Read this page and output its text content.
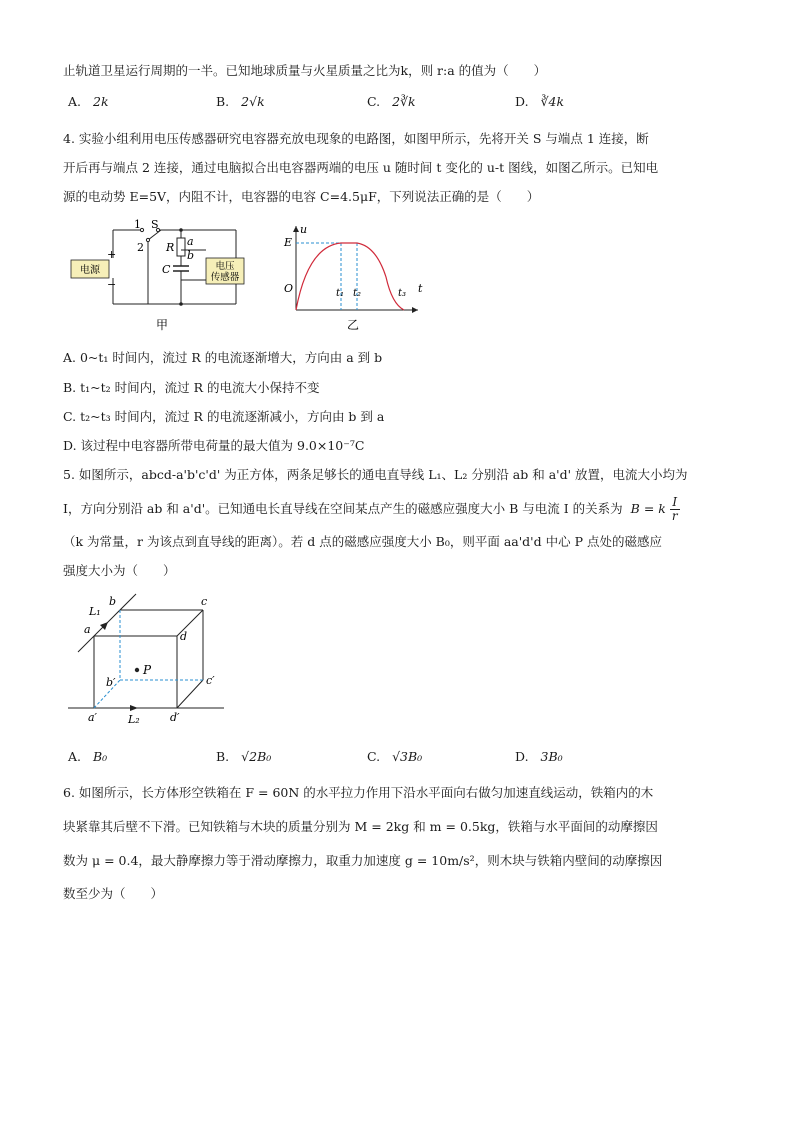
止轨道卫星运行周期的一半。已知地球质量与火星质量之比为k，则 r:a 的值为（　　）
A. 2k	B. 2√k	C. 2∛k	D. ∛4k
4. 实验小组利用电压传感器研究电容器充放电现象的电路图，如图甲所示，先将开关 S 与端点 1 连接，断
开后再与端点 2 连接，通过电脑拟合出电容器两端的电压 u 随时间 t 变化的 u-t 图线，如图乙所示。已知电
源的电动势 E=5V，内阻不计，电容器的电容 C=4.5μF，下列说法正确的是（　　）
电源
+
−
电压
传感器
1
2
S
R
C
a
b
甲
u
t
E
O	t₁ t₂	t₃
乙
A. 0~t₁ 时间内，流过 R 的电流逐渐增大，方向由 a 到 b
B. t₁~t₂ 时间内，流过 R 的电流大小保持不变
C. t₂~t₃ 时间内，流过 R 的电流逐渐减小，方向由 b 到 a
D. 该过程中电容器所带电荷量的最大值为 9.0×10⁻⁷C
5. 如图所示，abcd-a'b'c'd' 为正方体，两条足够长的通电直导线 L₁、L₂ 分别沿 ab 和 a'd' 放置，电流大小均为
I，方向分别沿 ab 和 a'd'。已知通电长直导线在空间某点产生的磁感应强度大小 B 与电流 I 的关系为 B = k $\frac{I}{r}$
（k 为常量，r 为该点到直导线的距离）。若 d 点的磁感应强度大小 B₀，则平面 aa'd'd 中心 P 点处的磁感应
强度大小为（　　）
P
L₁
L₂
a
b	c
d
a′
b′	c′
d′
A. B₀	B. √2B₀	C. √3B₀	D. 3B₀
6. 如图所示，长方体形空铁箱在 F = 60N 的水平拉力作用下沿水平面向右做匀加速直线运动，铁箱内的木
块紧靠其后壁不下滑。已知铁箱与木块的质量分别为 M = 2kg 和 m = 0.5kg，铁箱与水平面间的动摩擦因
数为 μ = 0.4，最大静摩擦力等于滑动摩擦力，取重力加速度 g = 10m/s²，则木块与铁箱内壁间的动摩擦因
数至少为（　　）
